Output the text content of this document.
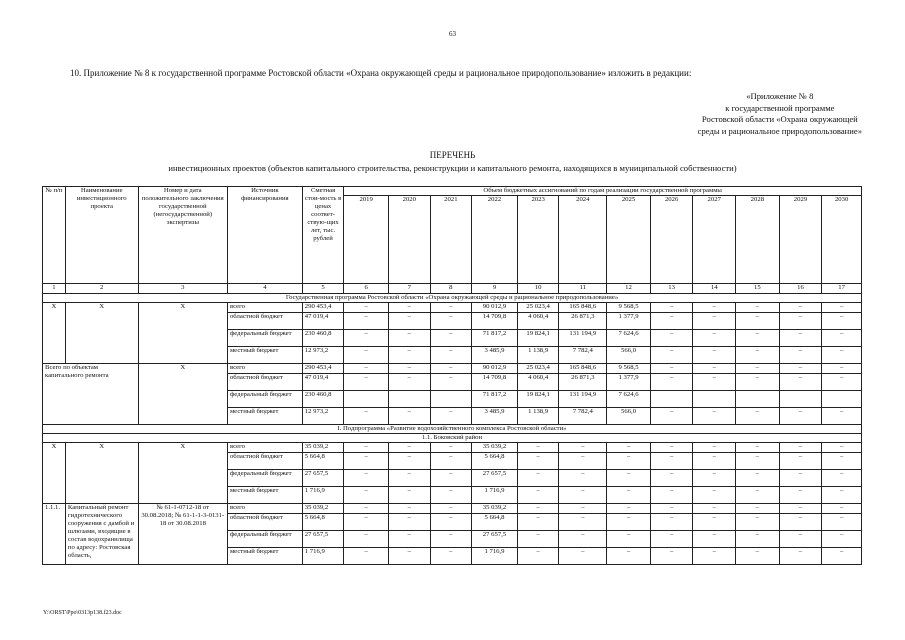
63
10. Приложение № 8 к государственной программе Ростовской области «Охрана окружающей среды и рациональное природопользование» изложить в редакции:
«Приложение № 8
к государственной программе
Ростовской области «Охрана окружающей
среды и рациональное природопользование»
ПЕРЕЧЕНЬ
инвестиционных проектов (объектов капитального строительства, реконструкции и капитального ремонта, находящихся в муниципальной собственности)
№ п/п	Наименование инвестиционного проекта	Номер и дата положительного заключения государственной (негосударственной) экспертизы	Источник финансирования	Сметная стои-мость в ценах соответ-ствую-щих лет, тыс. рублей	Объем бюджетных ассигнований по годам реализации государственной программы											
					2019	2020	2021	2022	2023	2024	2025	2026	2027	2028	2029	2030
1	2	3	4	5	6	7	8	9	10	11	12	13	14	15	16	17
Государственная программа Ростовской области «Охрана окружающей среды и рациональное природопользование»																
Х	Х	Х	всего	290 453,4	–	–	–	90 012,9	25 023,4	165 848,6	9 568,5	–	–	–	–	–
			областной бюджет	47 019,4	–	–	–	14 709,8	4 060,4	26 871,3	1 377,9	–	–	–	–	–
			федеральный бюджет	230 460,8	–	–	–	71 817,2	19 824,1	131 194,9	7 624,6	–	–	–	–	–
			местный бюджет	12 973,2	–	–	–	3 485,9	1 138,9	7 782,4	566,0	–	–	–	–	–
Всего по объектам капитального ремонта		Х	всего	290 453,4	–	–	–	90 012,9	25 023,4	165 848,6	9 568,5	–	–	–	–	–
			областной бюджет	47 019,4	–	–	–	14 709,8	4 060,4	26 871,3	1 377,9	–	–	–	–	–
			федеральный бюджет	230 460,8				71 817,2	19 824,1	131 194,9	7 624,6					
			местный бюджет	12 973,2	–	–	–	3 485,9	1 138,9	7 782,4	566,0	–	–	–	–	–
I. Подпрограмма «Развитие водохозяйственного комплекса Ростовской области»																
1.1. Боковский район																
Х	Х	Х	всего	35 039,2	–	–	–	35 039,2	–	–	–	–	–	–	–	–
			областной бюджет	5 664,8	–	–	–	5 664,8	–	–	–	–	–	–	–	–
			федеральный бюджет	27 657,5	–	–	–	27 657,5	–	–	–	–	–	–	–	–
			местный бюджет	1 716,9	–	–	–	1 716,9	–	–	–	–	–	–	–	–
1.1.1.	Капитальный ремонт гидротехнического сооружения с дамбой и шлюзами, входящие в состав водохранилища по адресу: Ростовская область,	№ 61-1-0712-18 от 30.08.2018; № 61-1-1-3-0131-18 от 30.08.2018	всего	35 039,2	–	–	–	35 039,2	–	–	–	–	–	–	–	–
			областной бюджет	5 664,8	–	–	–	5 664,8	–	–	–	–	–	–	–	–
			федеральный бюджет	27 657,5	–	–	–	27 657,5	–	–	–	–	–	–	–	–
			местный бюджет	1 716,9	–	–	–	1 716,9	–	–	–	–	–	–	–	–
Y:\ORST\Ppo\0313p138.f23.doc
